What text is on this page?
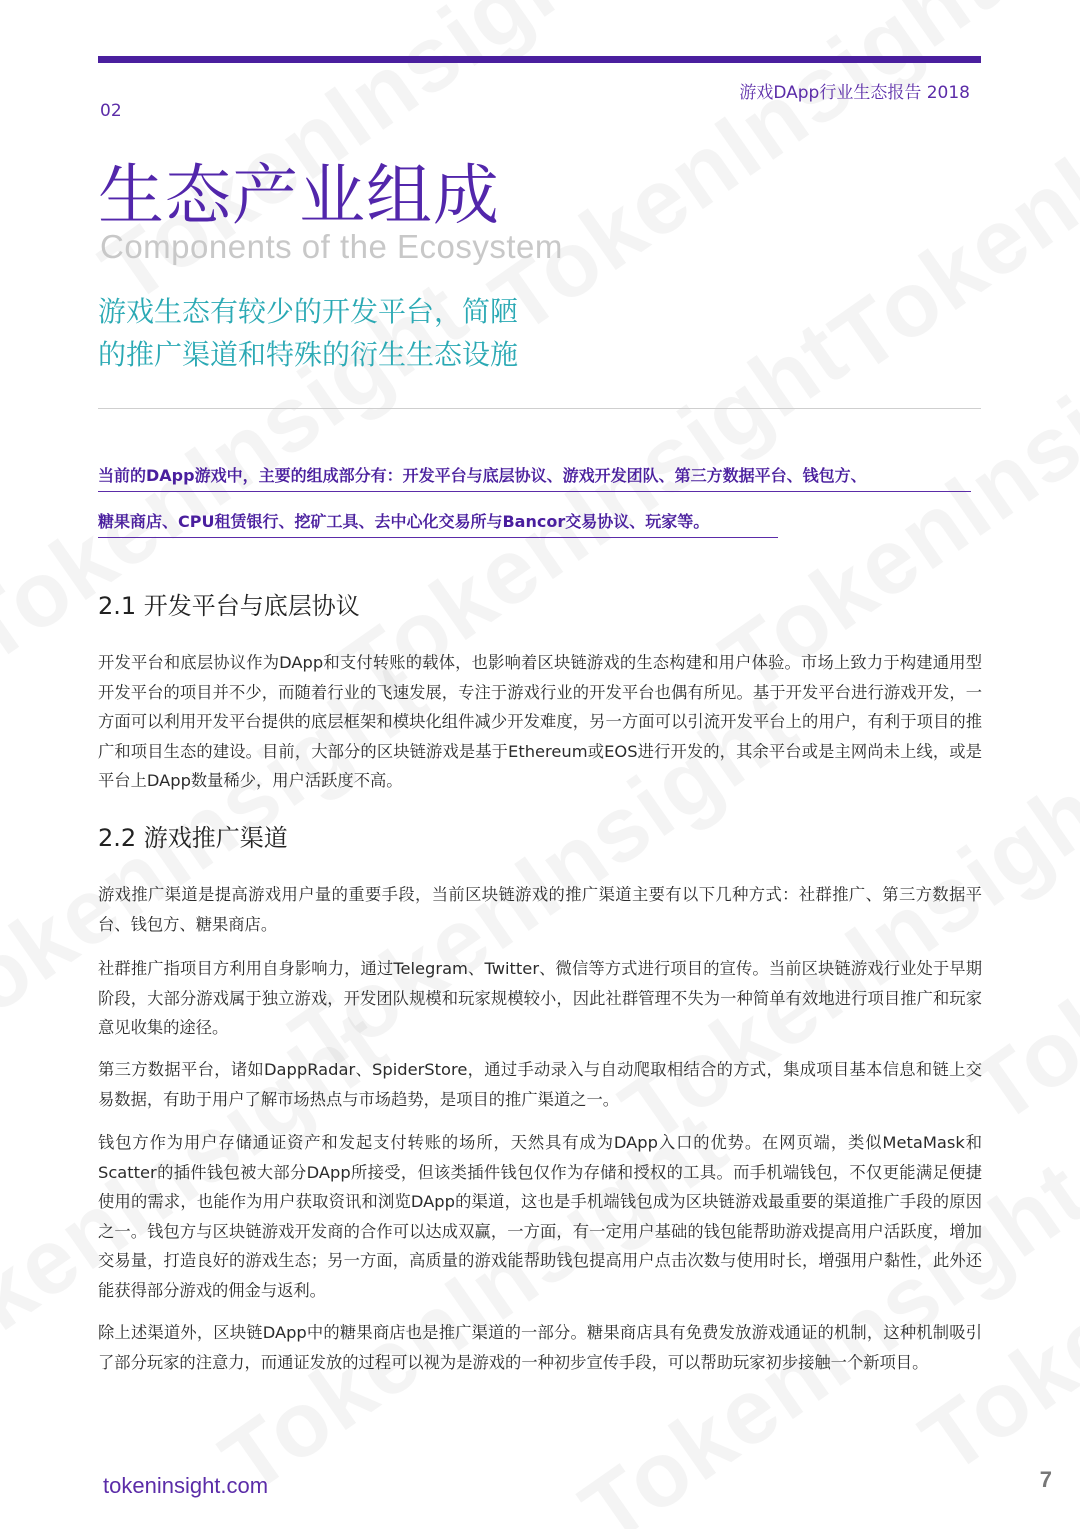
游戏DApp行业生态报告 2018
02
生态产业组成
Components of the Ecosystem
游戏生态有较少的开发平台，简陋
的推广渠道和特殊的衍生生态设施
当前的DApp游戏中，主要的组成部分有：开发平台与底层协议、游戏开发团队、第三方数据平台、钱包方、
糖果商店、CPU租赁银行、挖矿工具、去中心化交易所与Bancor交易协议、玩家等。
2.1 开发平台与底层协议

开发平台和底层协议作为DApp和支付转账的载体，也影响着区块链游戏的生态构建和用户体验。市场上致力于构建通用型开发平台的项目并不少，而随着行业的飞速发展，专注于游戏行业的开发平台也偶有所见。基于开发平台进行游戏开发，一方面可以利用开发平台提供的底层框架和模块化组件减少开发难度，另一方面可以引流开发平台上的用户，有利于项目的推广和项目生态的建设。目前，大部分的区块链游戏是基于Ethereum或EOS进行开发的，其余平台或是主网尚未上线，或是平台上DApp数量稀少，用户活跃度不高。

2.2 游戏推广渠道

游戏推广渠道是提高游戏用户量的重要手段，当前区块链游戏的推广渠道主要有以下几种方式：社群推广、第三方数据平台、钱包方、糖果商店。

社群推广指项目方利用自身影响力，通过Telegram、Twitter、微信等方式进行项目的宣传。当前区块链游戏行业处于早期阶段，大部分游戏属于独立游戏，开发团队规模和玩家规模较小，因此社群管理不失为一种简单有效地进行项目推广和玩家意见收集的途径。

第三方数据平台，诸如DappRadar、SpiderStore，通过手动录入与自动爬取相结合的方式，集成项目基本信息和链上交易数据，有助于用户了解市场热点与市场趋势，是项目的推广渠道之一。

钱包方作为用户存储通证资产和发起支付转账的场所，天然具有成为DApp入口的优势。在网页端，类似MetaMask和Scatter的插件钱包被大部分DApp所接受，但该类插件钱包仅作为存储和授权的工具。而手机端钱包，不仅更能满足便捷使用的需求，也能作为用户获取资讯和浏览DApp的渠道，这也是手机端钱包成为区块链游戏最重要的渠道推广手段的原因之一。钱包方与区块链游戏开发商的合作可以达成双赢，一方面，有一定用户基础的钱包能帮助游戏提高用户活跃度，增加交易量，打造良好的游戏生态；另一方面，高质量的游戏能帮助钱包提高用户点击次数与使用时长，增强用户黏性，此外还能获得部分游戏的佣金与返利。

除上述渠道外，区块链DApp中的糖果商店也是推广渠道的一部分。糖果商店具有免费发放游戏通证的机制，这种机制吸引了部分玩家的注意力，而通证发放的过程可以视为是游戏的一种初步宣传手段，可以帮助玩家初步接触一个新项目。

tokeninsight.com	7
